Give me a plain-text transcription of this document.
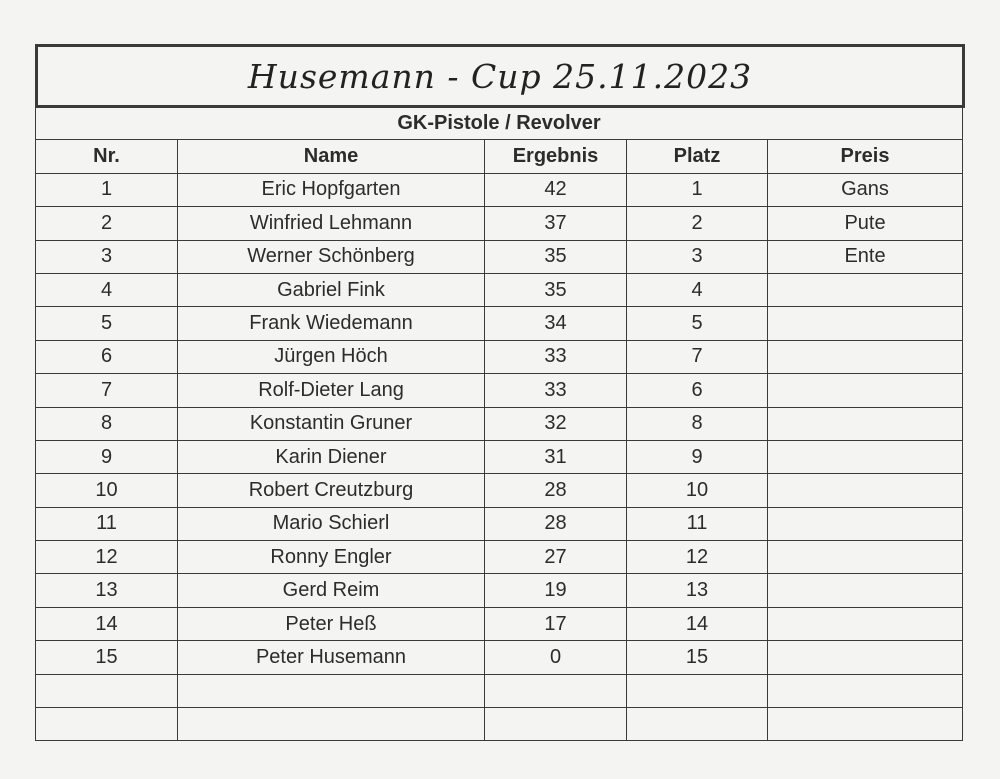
Husemann - Cup 25.11.2023
GK-Pistole / Revolver				
Nr.	Name	Ergebnis	Platz	Preis
1	Eric Hopfgarten	42	1	Gans
2	Winfried Lehmann	37	2	Pute
3	Werner Schönberg	35	3	Ente
4	Gabriel Fink	35	4	
5	Frank Wiedemann	34	5	
6	Jürgen Höch	33	7	
7	Rolf-Dieter Lang	33	6	
8	Konstantin Gruner	32	8	
9	Karin Diener	31	9	
10	Robert Creutzburg	28	10	
11	Mario Schierl	28	11	
12	Ronny Engler	27	12	
13	Gerd Reim	19	13	
14	Peter Heß	17	14	
15	Peter Husemann	0	15	
